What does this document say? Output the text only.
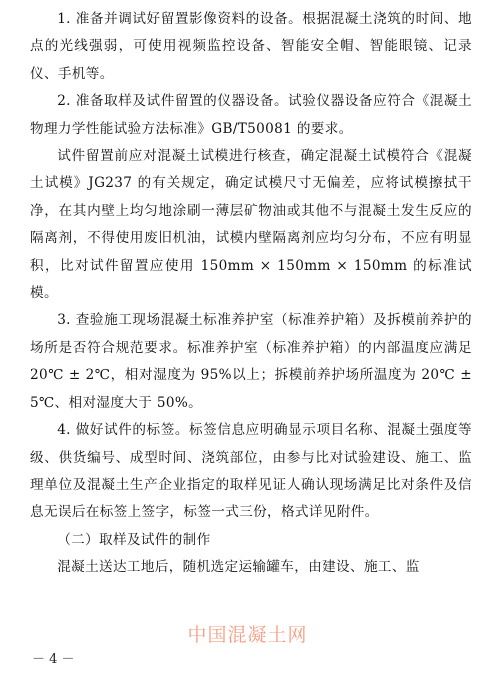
1. 准备并调试好留置影像资料的设备。根据混凝土浇筑的时间、地点的光线强弱，可使用视频监控设备、智能安全帽、智能眼镜、记录仪、手机等。

2. 准备取样及试件留置的仪器设备。试验仪器设备应符合《混凝土物理力学性能试验方法标准》GB/T50081 的要求。

试件留置前应对混凝土试模进行核查，确定混凝土试模符合《混凝土试模》JG237 的有关规定，确定试模尺寸无偏差，应将试模擦拭干净，在其内壁上均匀地涂刷一薄层矿物油或其他不与混凝土发生反应的隔离剂，不得使用废旧机油，试模内壁隔离剂应均匀分布，不应有明显积，比对试件留置应使用 150mm × 150mm × 150mm 的标准试模。

3. 查验施工现场混凝土标准养护室（标准养护箱）及拆模前养护的场所是否符合规范要求。标准养护室（标准养护箱）的内部温度应满足 20℃ ± 2℃，相对湿度为 95%以上；拆模前养护场所温度为 20℃ ± 5℃、相对湿度大于 50%。

4. 做好试件的标签。标签信息应明确显示项目名称、混凝土强度等级、供货编号、成型时间、浇筑部位，由参与比对试验建设、施工、监理单位及混凝土生产企业指定的取样见证人确认现场满足比对条件及信息无误后在标签上签字，标签一式三份，格式详见附件。

（二）取样及试件的制作

混凝土送达工地后，随机选定运输罐车，由建设、施工、监

中国混凝土网
－ 4 －
